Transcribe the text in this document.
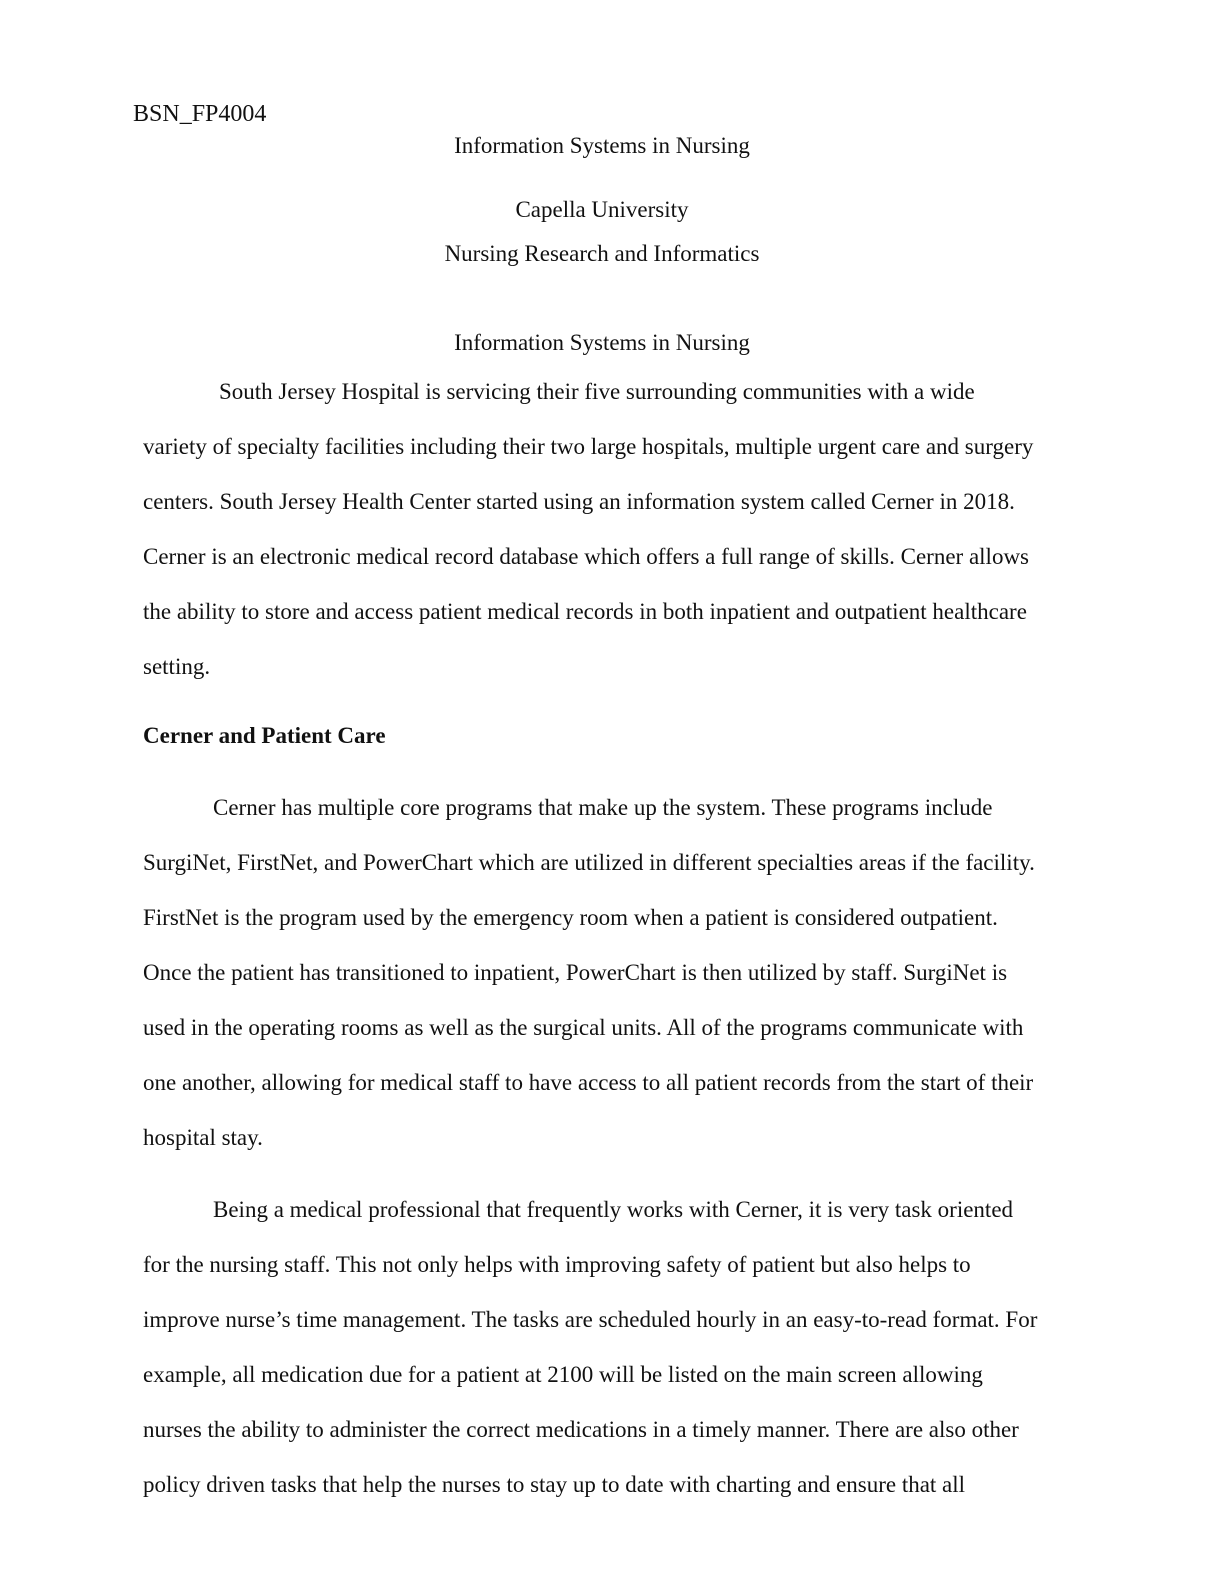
BSN_FP4004
Information Systems in Nursing
Capella University
Nursing Research and Informatics
Information Systems in Nursing
South Jersey Hospital is servicing their five surrounding communities with a wide
variety of specialty facilities including their two large hospitals, multiple urgent care and surgery
centers. South Jersey Health Center started using an information system called Cerner in 2018.
Cerner is an electronic medical record database which offers a full range of skills. Cerner allows
the ability to store and access patient medical records in both inpatient and outpatient healthcare
setting.
Cerner and Patient Care
Cerner has multiple core programs that make up the system. These programs include
SurgiNet, FirstNet, and PowerChart which are utilized in different specialties areas if the facility.
FirstNet is the program used by the emergency room when a patient is considered outpatient.
Once the patient has transitioned to inpatient, PowerChart is then utilized by staff. SurgiNet is
used in the operating rooms as well as the surgical units. All of the programs communicate with
one another, allowing for medical staff to have access to all patient records from the start of their
hospital stay.
Being a medical professional that frequently works with Cerner, it is very task oriented
for the nursing staff. This not only helps with improving safety of patient but also helps to
improve nurse’s time management. The tasks are scheduled hourly in an easy-to-read format. For
example, all medication due for a patient at 2100 will be listed on the main screen allowing
nurses the ability to administer the correct medications in a timely manner. There are also other
policy driven tasks that help the nurses to stay up to date with charting and ensure that all
